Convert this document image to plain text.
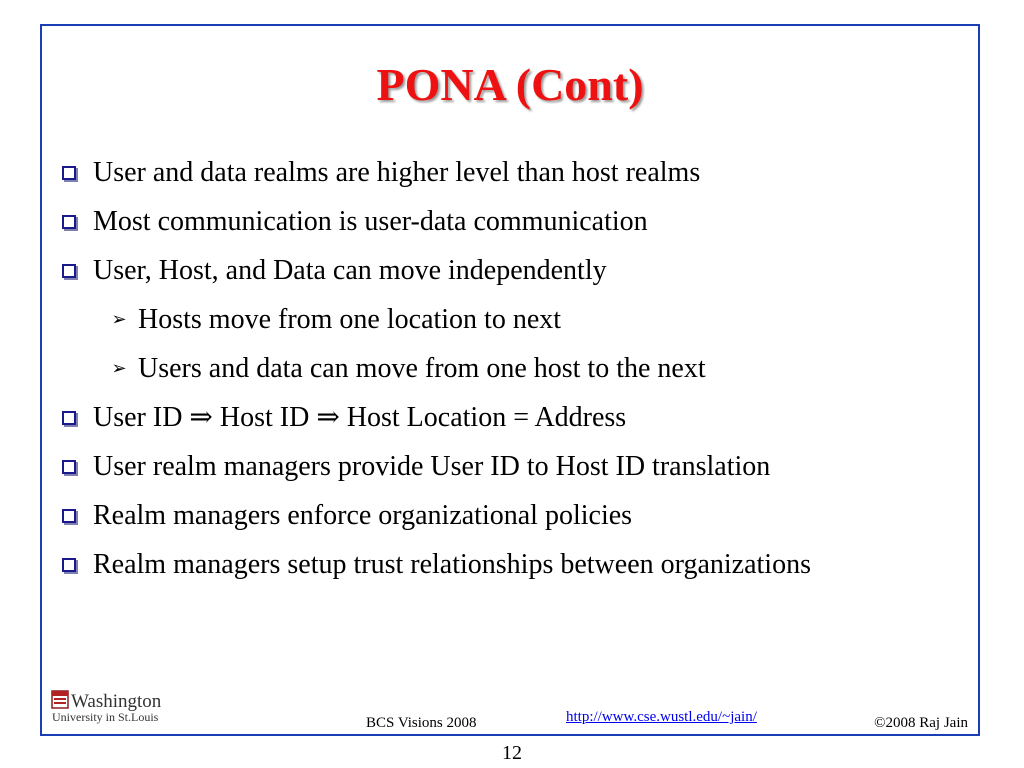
PONA (Cont)
User and data realms are higher level than host realms
Most communication is user-data communication
User, Host, and Data can move independently
➢ Hosts move from one location to next
➢ Users and data can move from one host to the next
User ID ⇒ Host ID ⇒ Host Location = Address
User realm managers provide User ID to Host ID translation
Realm managers enforce organizational policies
Realm managers setup trust relationships between organizations
Washington
University in St.Louis	BCS Visions 2008	http://www.cse.wustl.edu/~jain/	©2008 Raj Jain
12
